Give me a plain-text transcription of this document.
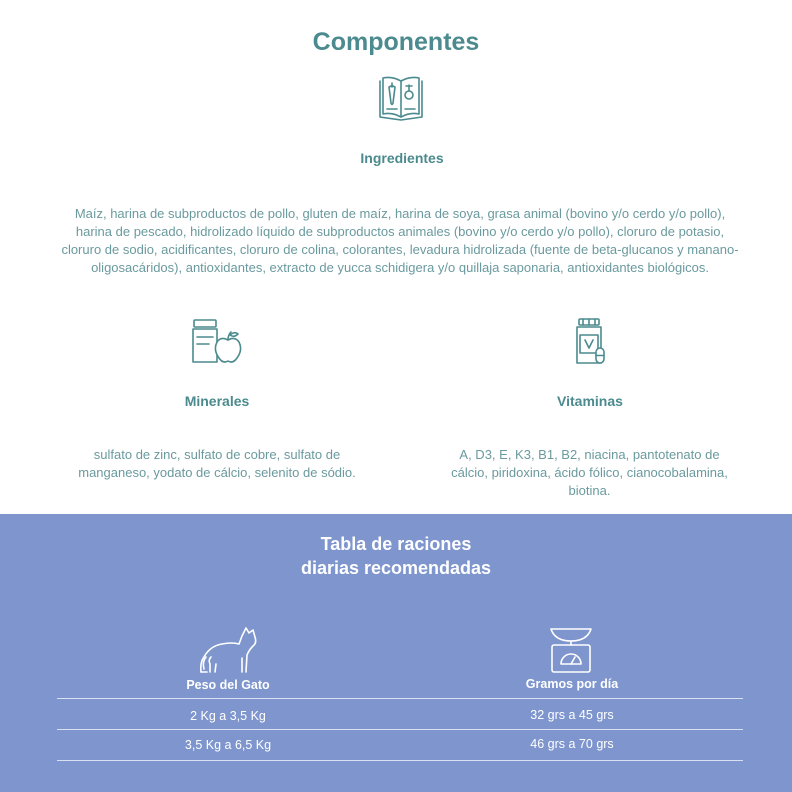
Componentes
Ingredientes
Maíz, harina de subproductos de pollo, gluten de maíz, harina de soya, grasa animal (bovino y/o cerdo y/o pollo), harina de pescado, hidrolizado líquido de subproductos animales (bovino y/o cerdo y/o pollo), cloruro de potasio, cloruro de sodio, acidificantes, cloruro de colina, colorantes, levadura hidrolizada (fuente de beta-glucanos y manano-oligosacáridos), antioxidantes, extracto de yucca schidigera y/o quillaja saponaria, antioxidantes biológicos.
Minerales
sulfato de zinc, sulfato de cobre, sulfato de manganeso, yodato de cálcio, selenito de sódio.
Vitaminas
A, D3, E, K3, B1, B2, niacina, pantotenato de cálcio, piridoxina, ácido fólico, cianocobalamina, biotina.
Tabla de raciones
diarias recomendadas
Peso del Gato	Gramos por día
2 Kg a 3,5 Kg	32 grs a 45 grs
3,5 Kg a 6,5 Kg	46 grs a 70 grs
